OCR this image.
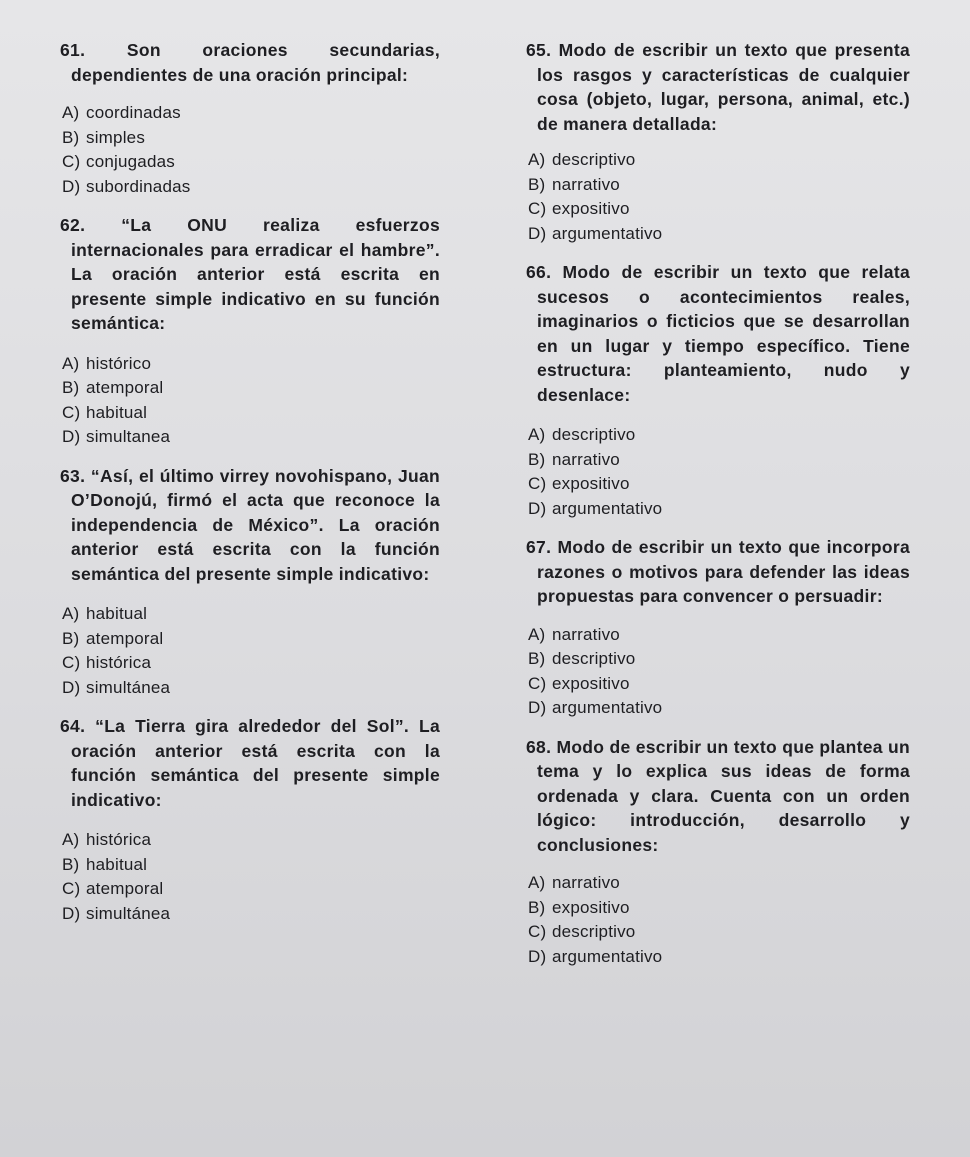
61. Son oraciones secundarias, dependientes de una oración principal:

A) coordinadas
B) simples
C) conjugadas
D) subordinadas

62. “La ONU realiza esfuerzos internacionales para erradicar el hambre”. La oración anterior está escrita en presente simple indicativo en su función semántica:

A) histórico
B) atemporal
C) habitual
D) simultanea

63. “Así, el último virrey novohispano, Juan O’Donojú, firmó el acta que reconoce la independencia de México”. La oración anterior está escrita con la función semántica del presente simple indicativo:

A) habitual
B) atemporal
C) histórica
D) simultánea

64. “La Tierra gira alrededor del Sol”. La oración anterior está escrita con la función semántica del presente simple indicativo:

A) histórica
B) habitual
C) atemporal
D) simultánea

65. Modo de escribir un texto que presenta los rasgos y características de cualquier cosa (objeto, lugar, persona, animal, etc.) de manera detallada:

A) descriptivo
B) narrativo
C) expositivo
D) argumentativo

66. Modo de escribir un texto que relata sucesos o acontecimientos reales, imaginarios o ficticios que se desarrollan en un lugar y tiempo específico. Tiene estructura: planteamiento, nudo y desenlace:

A) descriptivo
B) narrativo
C) expositivo
D) argumentativo

67. Modo de escribir un texto que incorpora razones o motivos para defender las ideas propuestas para convencer o persuadir:

A) narrativo
B) descriptivo
C) expositivo
D) argumentativo

68. Modo de escribir un texto que plantea un tema y lo explica sus ideas de forma ordenada y clara. Cuenta con un orden lógico: introducción, desarrollo y conclusiones:

A) narrativo
B) expositivo
C) descriptivo
D) argumentativo
